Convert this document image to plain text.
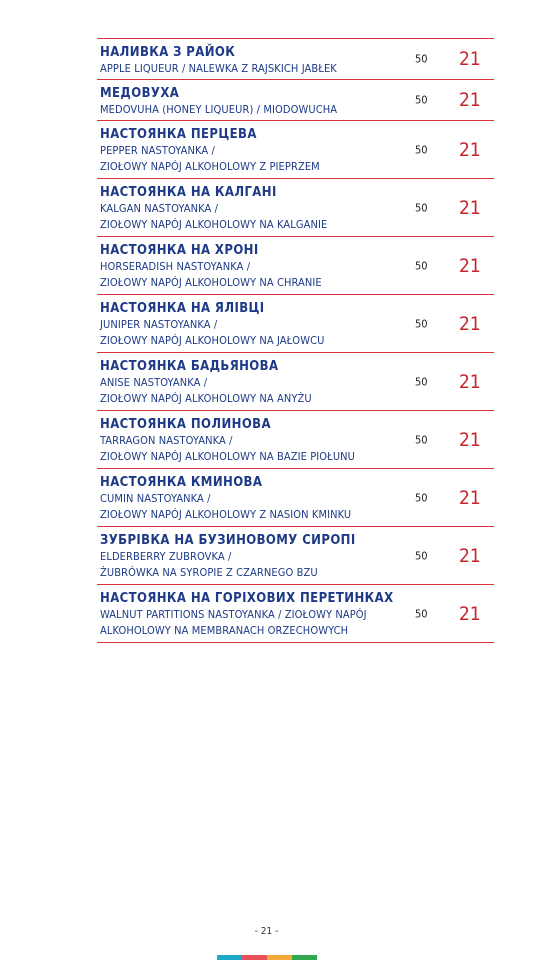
НАЛИВКА З РАЙОК
APPLE LIQUEUR / NALEWKA Z RAJSKICH JABŁEK
50 21
МЕДОВУХА
MEDOVUHA (HONEY LIQUEUR) / MIODOWUCHA
50 21
НАСТОЯНКА ПЕРЦЕВА
PEPPER NASTOYANKA /
ZIOŁOWY NAPÓJ ALKOHOLOWY Z PIEPRZEM
50 21
НАСТОЯНКА НА КАЛГАНІ
KALGAN NASTOYANKA /
ZIOŁOWY NAPÓJ ALKOHOLOWY NA KALGANIE
50 21
НАСТОЯНКА НА ХРОНІ
HORSERADISH NASTOYANKA /
ZIOŁOWY NAPÓJ ALKOHOLOWY NA CHRANIE
50 21
НАСТОЯНКА НА ЯЛІВЦІ
JUNIPER NASTOYANKA /
ZIOŁOWY NAPÓJ ALKOHOLOWY NA JAŁOWCU
50 21
НАСТОЯНКА БАДЬЯНОВА
ANISE NASTOYANKA /
ZIOŁOWY NAPÓJ ALKOHOLOWY NA ANYŻU
50 21
НАСТОЯНКА ПОЛИНОВА
TARRAGON NASTOYANKA /
ZIOŁOWY NAPÓJ ALKOHOLOWY NA BAZIE PIOŁUNU
50 21
НАСТОЯНКА КМИНОВА
CUMIN NASTOYANKA /
ZIOŁOWY NAPÓJ ALKOHOLOWY Z NASION KMINKU
50 21
ЗУБРІВКА НА БУЗИНОВОМУ СИРОПІ
ELDERBERRY ZUBROVKA /
ŻUBRÓWKA NA SYROPIE Z CZARNEGO BZU
50 21
НАСТОЯНКА НА ГОРІХОВИХ ПЕРЕТИНКАХ
WALNUT PARTITIONS NASTOYANKA / ZIOŁOWY NAPÓJ
ALKOHOLOWY NA MEMBRANACH ORZECHOWYCH
50 21
- 21 -
